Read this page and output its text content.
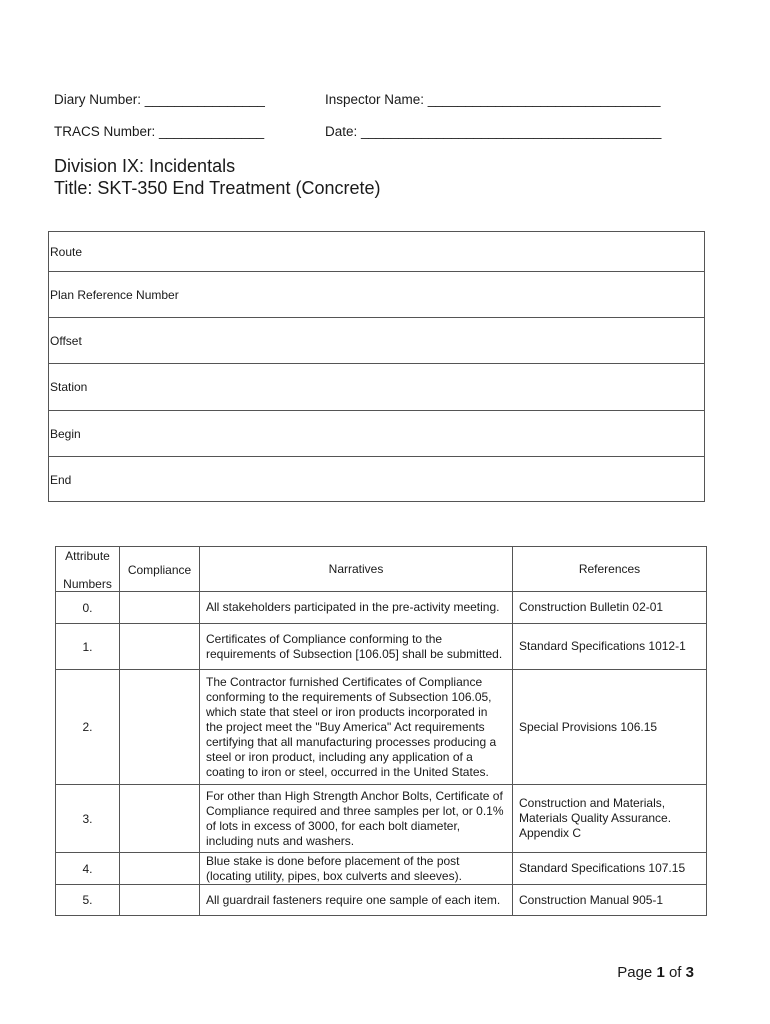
Diary Number: ________________	Inspector Name: _______________________________
TRACS Number: ______________	Date: ________________________________________
Division IX: Incidentals
Title: SKT-350 End Treatment (Concrete)
Route
Plan Reference Number
Offset
Station
Begin
End
Attribute
Numbers	Compliance	Narratives	References
0.		All stakeholders participated in the pre-activity meeting.	Construction Bulletin 02-01
1.		Certificates of Compliance conforming to the requirements of Subsection [106.05] shall be submitted.	Standard Specifications 1012-1
2.		The Contractor furnished Certificates of Compliance conforming to the requirements of Subsection 106.05, which state that steel or iron products incorporated in the project meet the "Buy America" Act requirements certifying that all manufacturing processes producing a steel or iron product, including any application of a coating to iron or steel, occurred in the United States.	Special Provisions 106.15
3.		For other than High Strength Anchor Bolts, Certificate of Compliance required and three samples per lot, or 0.1% of lots in excess of 3000, for each bolt diameter, including nuts and washers.	Construction and Materials, Materials Quality Assurance. Appendix C
4.		Blue stake is done before placement of the post (locating utility, pipes, box culverts and sleeves).	Standard Specifications 107.15
5.		All guardrail fasteners require one sample of each item.	Construction Manual 905-1
Page 1 of 3
